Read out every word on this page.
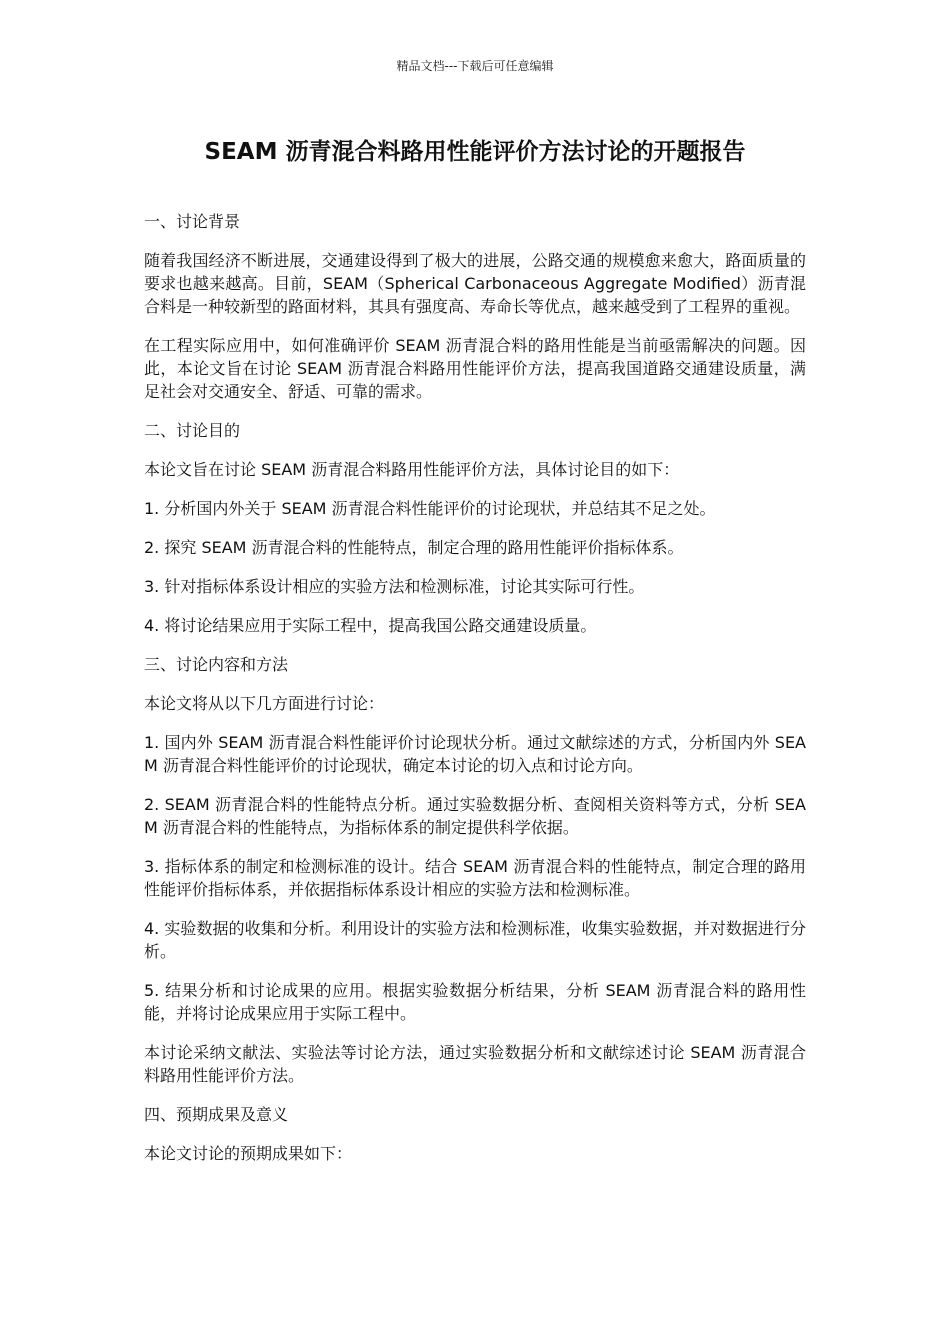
精品文档---下载后可任意编辑
SEAM 沥青混合料路用性能评价方法讨论的开题报告

一、讨论背景

随着我国经济不断进展，交通建设得到了极大的进展，公路交通的规模愈来愈大，路面质量的要求也越来越高。目前，SEAM（Spherical Carbonaceous Aggregate Modified）沥青混合料是一种较新型的路面材料，其具有强度高、寿命长等优点，越来越受到了工程界的重视。

在工程实际应用中，如何准确评价 SEAM 沥青混合料的路用性能是当前亟需解决的问题。因此，本论文旨在讨论 SEAM 沥青混合料路用性能评价方法，提高我国道路交通建设质量，满足社会对交通安全、舒适、可靠的需求。

二、讨论目的

本论文旨在讨论 SEAM 沥青混合料路用性能评价方法，具体讨论目的如下：

1. 分析国内外关于 SEAM 沥青混合料性能评价的讨论现状，并总结其不足之处。

2. 探究 SEAM 沥青混合料的性能特点，制定合理的路用性能评价指标体系。

3. 针对指标体系设计相应的实验方法和检测标准，讨论其实际可行性。

4. 将讨论结果应用于实际工程中，提高我国公路交通建设质量。

三、讨论内容和方法

本论文将从以下几方面进行讨论：

1. 国内外 SEAM 沥青混合料性能评价讨论现状分析。通过文献综述的方式，分析国内外 SEAM 沥青混合料性能评价的讨论现状，确定本讨论的切入点和讨论方向。

2. SEAM 沥青混合料的性能特点分析。通过实验数据分析、查阅相关资料等方式，分析 SEAM 沥青混合料的性能特点，为指标体系的制定提供科学依据。

3. 指标体系的制定和检测标准的设计。结合 SEAM 沥青混合料的性能特点，制定合理的路用性能评价指标体系，并依据指标体系设计相应的实验方法和检测标准。

4. 实验数据的收集和分析。利用设计的实验方法和检测标准，收集实验数据，并对数据进行分析。

5. 结果分析和讨论成果的应用。根据实验数据分析结果，分析 SEAM 沥青混合料的路用性能，并将讨论成果应用于实际工程中。

本讨论采纳文献法、实验法等讨论方法，通过实验数据分析和文献综述讨论 SEAM 沥青混合料路用性能评价方法。

四、预期成果及意义

本论文讨论的预期成果如下：
